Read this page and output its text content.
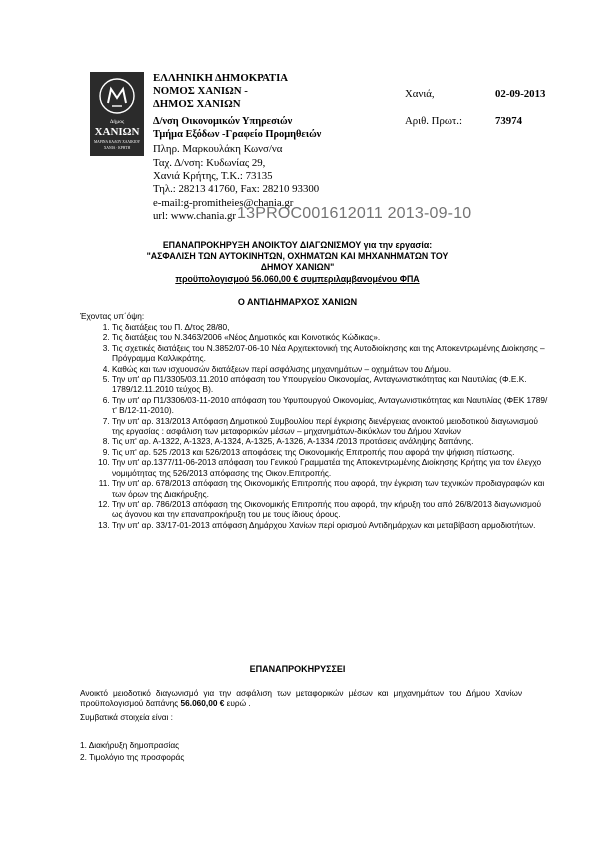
Δήμος
ΧΑΝΙΩΝ
ΜΑΡΙΝΑ ΚΑΛΟΥ ΧΑΛΙΚΙΟΥ
ΧΑΝΙΑ · ΚΡΗΤΗ
ΕΛΛΗΝΙΚΗ ΔΗΜΟΚΡΑΤΙΑ
ΝΟΜΟΣ ΧΑΝΙΩΝ -
ΔΗΜΟΣ ΧΑΝΙΩΝ
Δ/νση Οικονομικών Υπηρεσιών
Τμήμα Εξόδων -Γραφείο Προμηθειών
Πληρ. Μαρκουλάκη Κωνσ/να
Ταχ. Δ/νση: Κυδωνίας 29,
Χανιά Κρήτης, Τ.Κ.: 73135
Τηλ.: 28213 41760, Fax: 28210 93300
e-mail:g-promitheies@chania.gr
url: www.chania.gr
Χανιά,	02-09-2013
Αριθ. Πρωτ.:	73974
13PROC001612011 2013-09-10
ΕΠΑΝΑΠΡΟΚΗΡΥΞΗ ΑΝΟΙΚΤΟΥ ΔΙΑΓΩΝΙΣΜΟΥ για την εργασία:
"ΑΣΦΑΛΙΣΗ ΤΩΝ ΑΥΤΟΚΙΝΗΤΩΝ, ΟΧΗΜΑΤΩΝ ΚΑΙ ΜΗΧΑΝΗΜΑΤΩΝ ΤΟΥ
ΔΗΜΟΥ ΧΑΝΙΩΝ"
προϋπολογισμού 56.060,00 € συμπεριλαμβανομένου ΦΠΑ
Ο ΑΝΤΙΔΗΜΑΡΧΟΣ ΧΑΝΙΩΝ
Έχοντας υπ΄όψη:
1. Τις διατάξεις του Π. Δ/τος 28/80,
2. Τις διατάξεις του Ν.3463/2006 «Νέος Δημοτικός και Κοινοτικός Κώδικας».
3. Τις σχετικές διατάξεις του Ν.3852/07-06-10 Νέα Αρχιτεκτονική της Αυτοδιοίκησης και της Αποκεντρωμένης Διοίκησης – Πρόγραμμα Καλλικράτης.
4. Καθώς και των ισχυουσών διατάξεων περί ασφάλισης μηχανημάτων – οχημάτων του Δήμου.
5. Την υπ' αρ Π1/3305/03.11.2010 απόφαση του Υπουργείου Οικονομίας, Ανταγωνιστικότητας και Ναυτιλίας (Φ.Ε.Κ. 1789/12.11.2010 τεύχος Β).
6. Την υπ' αρ Π1/3306/03-11-2010 απόφαση του Υφυπουργού Οικονομίας, Ανταγωνιστικότητας και Ναυτιλίας (ΦΕΚ 1789/τ' Β/12-11-2010).
7. Την υπ' αρ. 313/2013 Απόφαση Δημοτικού Συμβουλίου περί έγκρισης διενέργειας ανοικτού μειοδοτικού διαγωνισμού της εργασίας : ασφάλιση των μεταφορικών μέσων – μηχανημάτων-δικύκλων του Δήμου Χανίων
8. Τις υπ' αρ. Α-1322, Α-1323, Α-1324, Α-1325, Α-1326, Α-1334 /2013 προτάσεις ανάληψης δαπάνης.
9. Τις υπ' αρ. 525 /2013 και 526/2013 αποφάσεις της Οικονομικής Επιτροπής που αφορά την ψήφιση πίστωσης.
10. Την υπ' αρ.1377/11-06-2013 απόφαση του Γενικού Γραμματέα της Αποκεντρωμένης Διοίκησης Κρήτης για τον έλεγχο νομιμότητας της 526/2013 απόφασης της Οικον.Επιτροπής.
11. Την υπ' αρ. 678/2013 απόφαση της Οικονομικής Επιτροπής που αφορά, την έγκριση των τεχνικών προδιαγραφών και των όρων της Διακήρυξης.
12. Την υπ' αρ. 786/2013 απόφαση της Οικονομικής Επιτροπής που αφορά, την κήρυξη του από 26/8/2013 διαγωνισμού ως άγονου και την επαναπροκήρυξη του με τους ίδιους όρους.
13. Την υπ' αρ. 33/17-01-2013 απόφαση Δημάρχου Χανίων περί ορισμού Αντιδημάρχων και μεταβίβαση αρμοδιοτήτων.
ΕΠΑΝΑΠΡΟΚΗΡΥΣΣΕΙ
Ανοικτό μειοδοτικό διαγωνισμό για την ασφάλιση των μεταφορικών μέσων και μηχανημάτων του Δήμου Χανίων προϋπολογισμού δαπάνης 56.060,00 € ευρώ .
Συμβατικά στοιχεία είναι :
1. Διακήρυξη δημοπρασίας
2. Τιμολόγιο της προσφοράς
